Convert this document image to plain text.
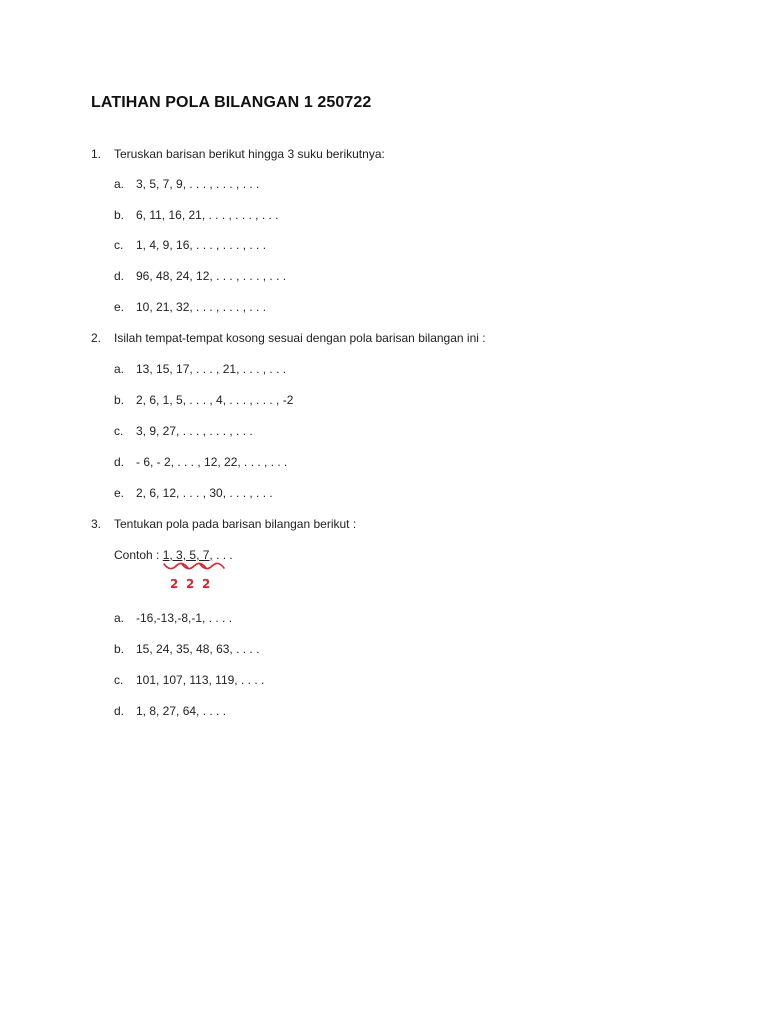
LATIHAN POLA BILANGAN 1 250722
1. Teruskan barisan berikut hingga 3 suku berikutnya:
a. 3, 5, 7, 9, . . . , . . . , . . .
b. 6, 11, 16, 21, . . . , . . . , . . .
c. 1, 4, 9, 16, . . . , . . . , . . .
d. 96, 48, 24, 12, . . . , . . . , . . .
e. 10, 21, 32, . . . , . . . , . . .
2. Isilah tempat-tempat kosong sesuai dengan pola barisan bilangan ini :
a. 13, 15, 17, . . . , 21, . . . , . . .
b. 2, 6, 1, 5, . . . , 4, . . . , . . . , -2
c. 3, 9, 27, . . . , . . . , . . .
d. - 6, - 2, . . . , 12, 22, . . . , . . .
e. 2, 6, 12, . . . , 30, . . . , . . .
3. Tentukan pola pada barisan bilangan berikut :
Contoh : 1, 3, 5, 7, . . .
2 2 2
a. -16,-13,-8,-1, . . . .
b. 15, 24, 35, 48, 63, . . . .
c. 101, 107, 113, 119, . . . .
d. 1, 8, 27, 64, . . . .
